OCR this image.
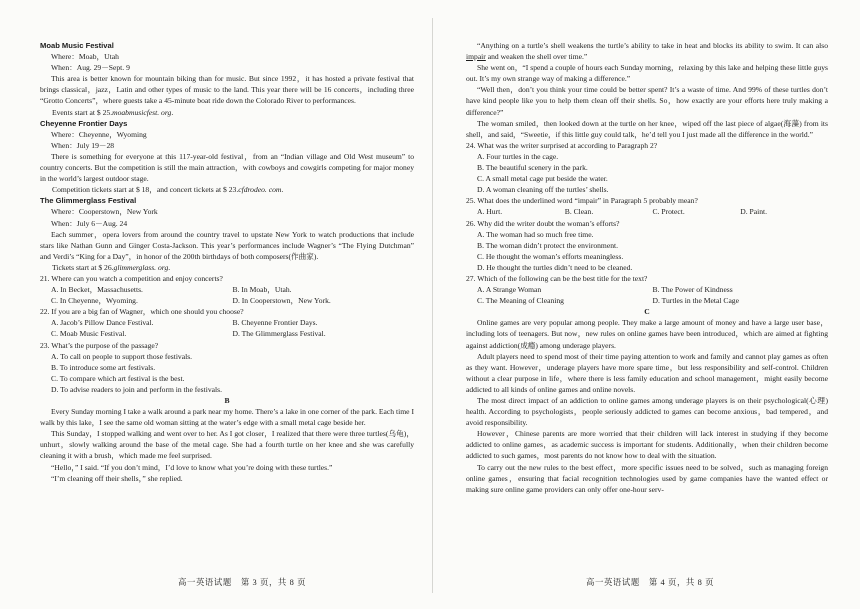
Moab Music Festival

Where：Moab，Utah

When：Aug. 29－Sept. 9

This area is better known for mountain biking than for music. But since 1992，it has hosted a private festival that brings classical，jazz，Latin and other types of music to the land. This year there will be 16 concerts，including three “Grotto Concerts”，where guests take a 45-minute boat ride down the Colorado River to performances.

Events start at $ 25.moabmusicfest. org.

Cheyenne Frontier Days

Where：Cheyenne，Wyoming

When：July 19－28

There is something for everyone at this 117-year-old festival，from an “Indian village and Old West museum” to country concerts. But the competition is still the main attraction，with cowboys and cowgirls competing for major money in the world’s largest outdoor stage.

Competition tickets start at $ 18，and concert tickets at $ 23.cfdrodeo. com.

The Glimmerglass Festival

Where：Cooperstown，New York

When：July 6－Aug. 24

Each summer，opera lovers from around the country travel to upstate New York to watch productions that include stars like Nathan Gunn and Ginger Costa-Jackson. This year’s performances include Wagner’s “The Flying Dutchman” and Verdi’s “King for a Day”，in honor of the 200th birthdays of both composers(作曲家).

Tickets start at $ 26.glimmerglass. org.

21. Where can you watch a competition and enjoy concerts?

A. In Becket，Massachusetts.	B. In Moab，Utah.
C. In Cheyenne，Wyoming.	D. In Cooperstown，New York.

22. If you are a big fan of Wagner，which one should you choose?

A. Jacob’s Pillow Dance Festival.	B. Cheyenne Frontier Days.
C. Moab Music Festival.	D. The Glimmerglass Festival.

23. What’s the purpose of the passage?

A. To call on people to support those festivals.

B. To introduce some art festivals.

C. To compare which art festival is the best.

D. To advise readers to join and perform in the festivals.

B

Every Sunday morning I take a walk around a park near my home. There’s a lake in one corner of the park. Each time I walk by this lake，I see the same old woman sitting at the water’s edge with a small metal cage beside her.

This Sunday，I stopped walking and went over to her. As I got closer，I realized that there were three turtles(乌龟)，unhurt，slowly walking around the base of the metal cage. She had a fourth turtle on her knee and she was carefully cleaning it with a brush，which made me feel surprised.

“Hello，” I said. “If you don’t mind，I’d love to know what you’re doing with these turtles.”

“I’m cleaning off their shells，” she replied.

“Anything on a turtle’s shell weakens the turtle’s ability to take in heat and blocks its ability to swim. It can also impair and weaken the shell over time.”

She went on，“I spend a couple of hours each Sunday morning，relaxing by this lake and helping these little guys out. It’s my own strange way of making a difference.”

“Well then，don’t you think your time could be better spent? It’s a waste of time. And 99% of these turtles don’t have kind people like you to help them clean off their shells. So，how exactly are your efforts here truly making a difference?”

The woman smiled，then looked down at the turtle on her knee，wiped off the last piece of algae(海藻) from its shell，and said，“Sweetie，if this little guy could talk，he’d tell you I just made all the difference in the world.”

24. What was the writer surprised at according to Paragraph 2?

A. Four turtles in the cage.

B. The beautiful scenery in the park.

C. A small metal cage put beside the water.

D. A woman cleaning off the turtles’ shells.

25. What does the underlined word “impair” in Paragraph 5 probably mean?

A. Hurt.	B. Clean.	C. Protect.	D. Paint.

26. Why did the writer doubt the woman’s efforts?

A. The woman had so much free time.

B. The woman didn’t protect the environment.

C. He thought the woman’s efforts meaningless.

D. He thought the turtles didn’t need to be cleaned.

27. Which of the following can be the best title for the text?

A. A Strange Woman	B. The Power of Kindness
C. The Meaning of Cleaning	D. Turtles in the Metal Cage

C

Online games are very popular among people. They make a large amount of money and have a large user base，including lots of teenagers. But now，new rules on online games have been introduced，which are aimed at fighting against addiction(成瘾) among underage players.

Adult players need to spend most of their time paying attention to work and family and cannot play games as often as they want. However，underage players have more spare time，but less responsibility and self-control. Children without a clear purpose in life，where there is less family education and school management，might easily become addicted to all kinds of online games and online novels.

The most direct impact of an addiction to online games among underage players is on their psychological(心理) health. According to psychologists，people seriously addicted to games can become anxious，bad tempered，and avoid responsibility.

However，Chinese parents are more worried that their children will lack interest in studying if they become addicted to online games，as academic success is important for students. Additionally，when their children become addicted to such games，most parents do not know how to deal with the situation.

To carry out the new rules to the best effect，more specific issues need to be solved，such as managing foreign online games，ensuring that facial recognition technologies used by game companies have the wanted effect or making sure online game providers can only offer one-hour serv-

高一英语试题　第 3 页，共 8 页	高一英语试题　第 4 页，共 8 页
